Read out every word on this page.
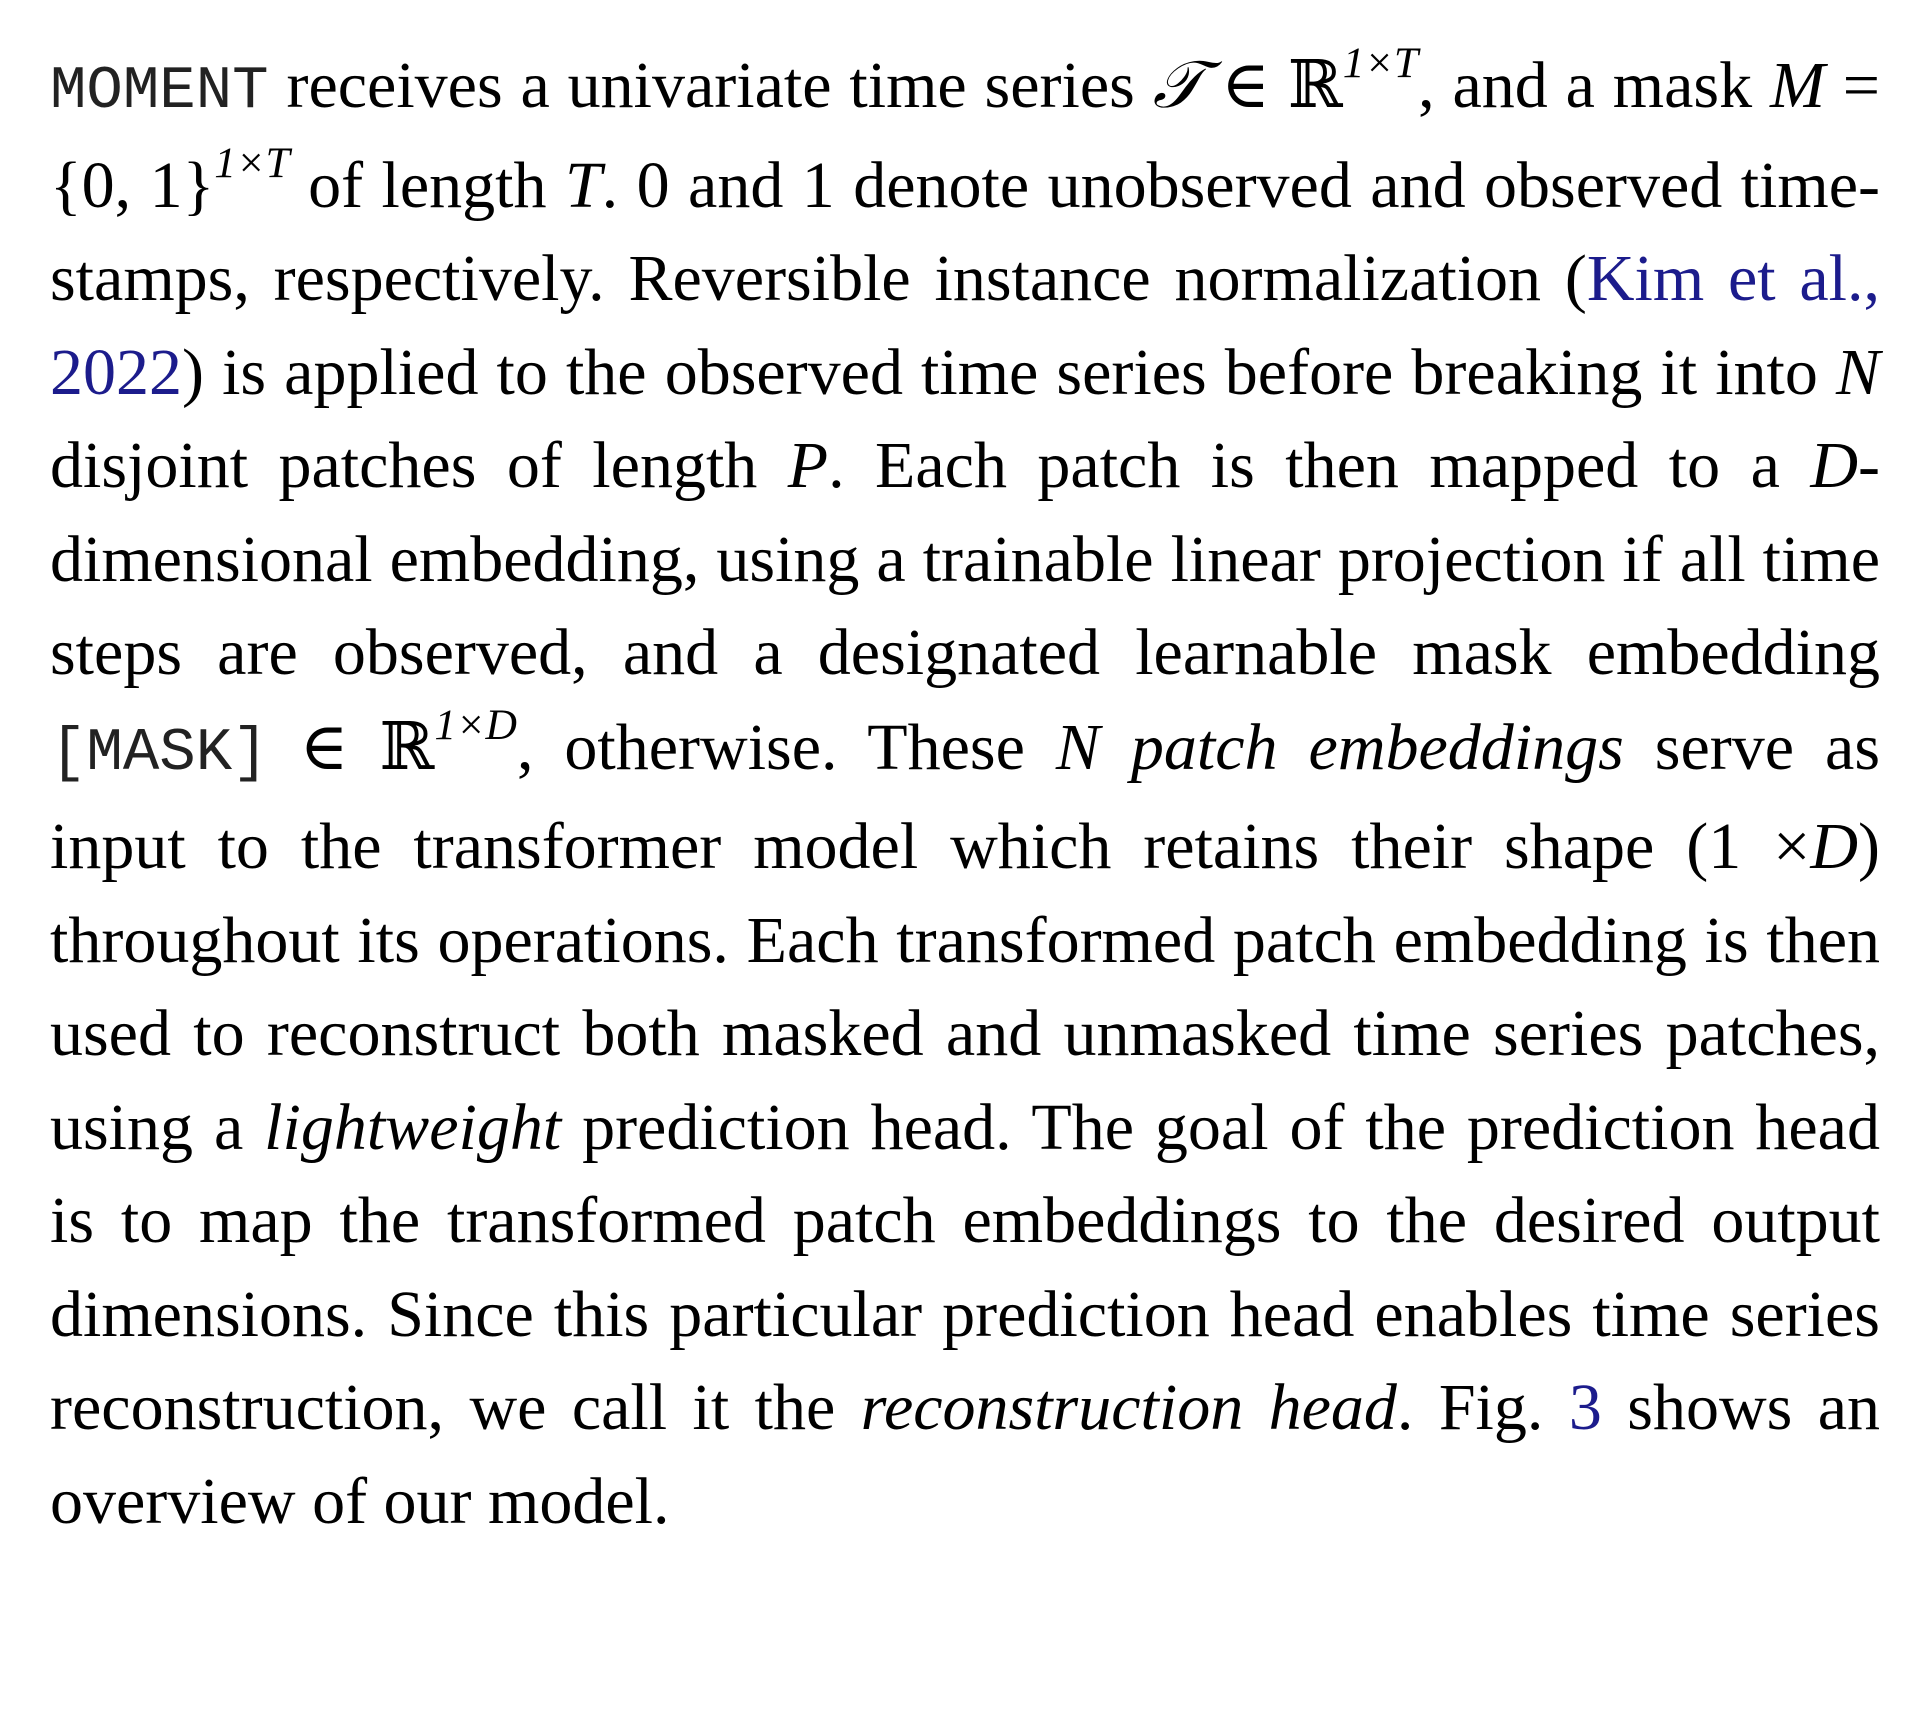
MOMENT receives a univariate time series 𝒯 ∈ ℝ$^{1\times T}$, and a mask M = {0, 1}$^{1\times T}$ of length T. 0 and 1 denote unobserved and observed time-stamps, respectively. Reversible instance normalization (Kim et al., 2022) is applied to the observed time series before breaking it into N disjoint patches of length P. Each patch is then mapped to a D-dimensional embedding, using a trainable linear projection if all time steps are observed, and a designated learnable mask embedding [MASK] ∈ ℝ$^{1\times D}$, otherwise. These N patch embeddings serve as input to the transformer model which retains their shape (1 ×D) throughout its operations. Each transformed patch embedding is then used to reconstruct both masked and unmasked time series patches, using a lightweight prediction head. The goal of the prediction head is to map the transformed patch embeddings to the desired output dimensions. Since this particular prediction head enables time series reconstruction, we call it the reconstruction head. Fig. 3 shows an overview of our model.
